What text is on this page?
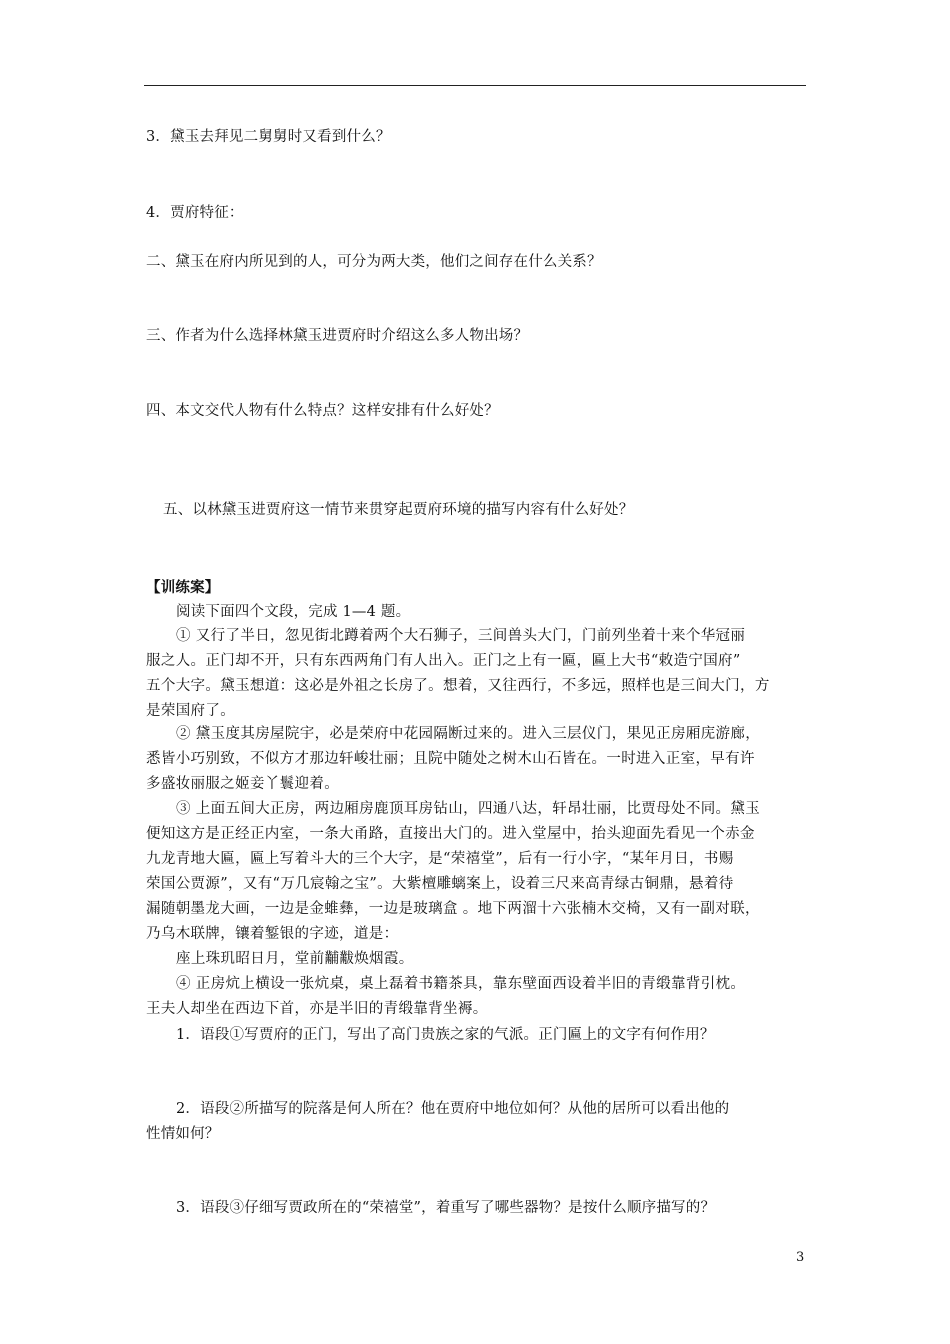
3．黛玉去拜见二舅舅时又看到什么？
4．贾府特征：
二、黛玉在府内所见到的人，可分为两大类，他们之间存在什么关系？
三、作者为什么选择林黛玉进贾府时介绍这么多人物出场？
四、本文交代人物有什么特点？这样安排有什么好处？
五、以林黛玉进贾府这一情节来贯穿起贾府环境的描写内容有什么好处？
【训练案】
阅读下面四个文段，完成 1—4 题。
① 又行了半日，忽见街北蹲着两个大石狮子，三间兽头大门，门前列坐着十来个华冠丽
服之人。正门却不开，只有东西两角门有人出入。正门之上有一匾，匾上大书“敕造宁国府”
五个大字。黛玉想道：这必是外祖之长房了。想着，又往西行，不多远，照样也是三间大门，方
是荣国府了。
② 黛玉度其房屋院宇，必是荣府中花园隔断过来的。进入三层仪门，果见正房厢庑游廊，
悉皆小巧别致，不似方才那边轩峻壮丽；且院中随处之树木山石皆在。一时进入正室，早有许
多盛妆丽服之姬妾丫鬟迎着。
③ 上面五间大正房，两边厢房鹿顶耳房钻山，四通八达，轩昂壮丽，比贾母处不同。黛玉
便知这方是正经正内室，一条大甬路，直接出大门的。进入堂屋中，抬头迎面先看见一个赤金
九龙青地大匾，匾上写着斗大的三个大字，是“荣禧堂”，后有一行小字，“某年月日，书赐
荣国公贾源”，又有“万几宸翰之宝”。大紫檀雕螭案上，设着三尺来高青绿古铜鼎，悬着待
漏随朝墨龙大画，一边是金蜼彝，一边是玻璃盒 。地下两溜十六张楠木交椅，又有一副对联，
乃乌木联牌，镶着錾银的字迹，道是：
座上珠玑昭日月，堂前黼黻焕烟霞。
④ 正房炕上横设一张炕桌，桌上磊着书籍茶具，靠东壁面西设着半旧的青缎靠背引枕。
王夫人却坐在西边下首，亦是半旧的青缎靠背坐褥。
1．语段①写贾府的正门，写出了高门贵族之家的气派。正门匾上的文字有何作用？
2．语段②所描写的院落是何人所在？他在贾府中地位如何？从他的居所可以看出他的
性情如何？
3．语段③仔细写贾政所在的“荣禧堂”，着重写了哪些器物？是按什么顺序描写的？
3
